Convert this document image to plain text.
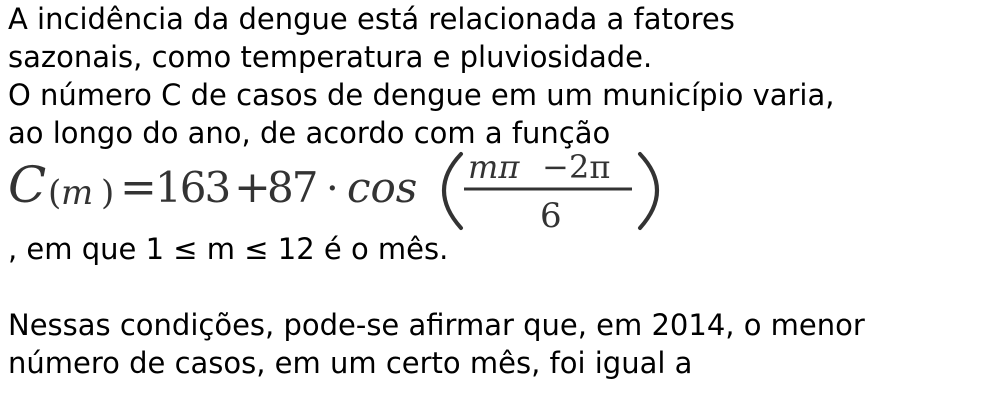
A incidência da dengue está relacionada a fatores

sazonais, como temperatura e pluviosidade.

O número C de casos de dengue em um município varia,

ao longo do ano, de acordo com a função

C ( m ) =
163 +
87 · cos mπ − 2π
6

, em que 1 ≤ m ≤ 12 é o mês.

Nessas condições, pode-se afirmar que, em 2014, o menor

número de casos, em um certo mês, foi igual a
